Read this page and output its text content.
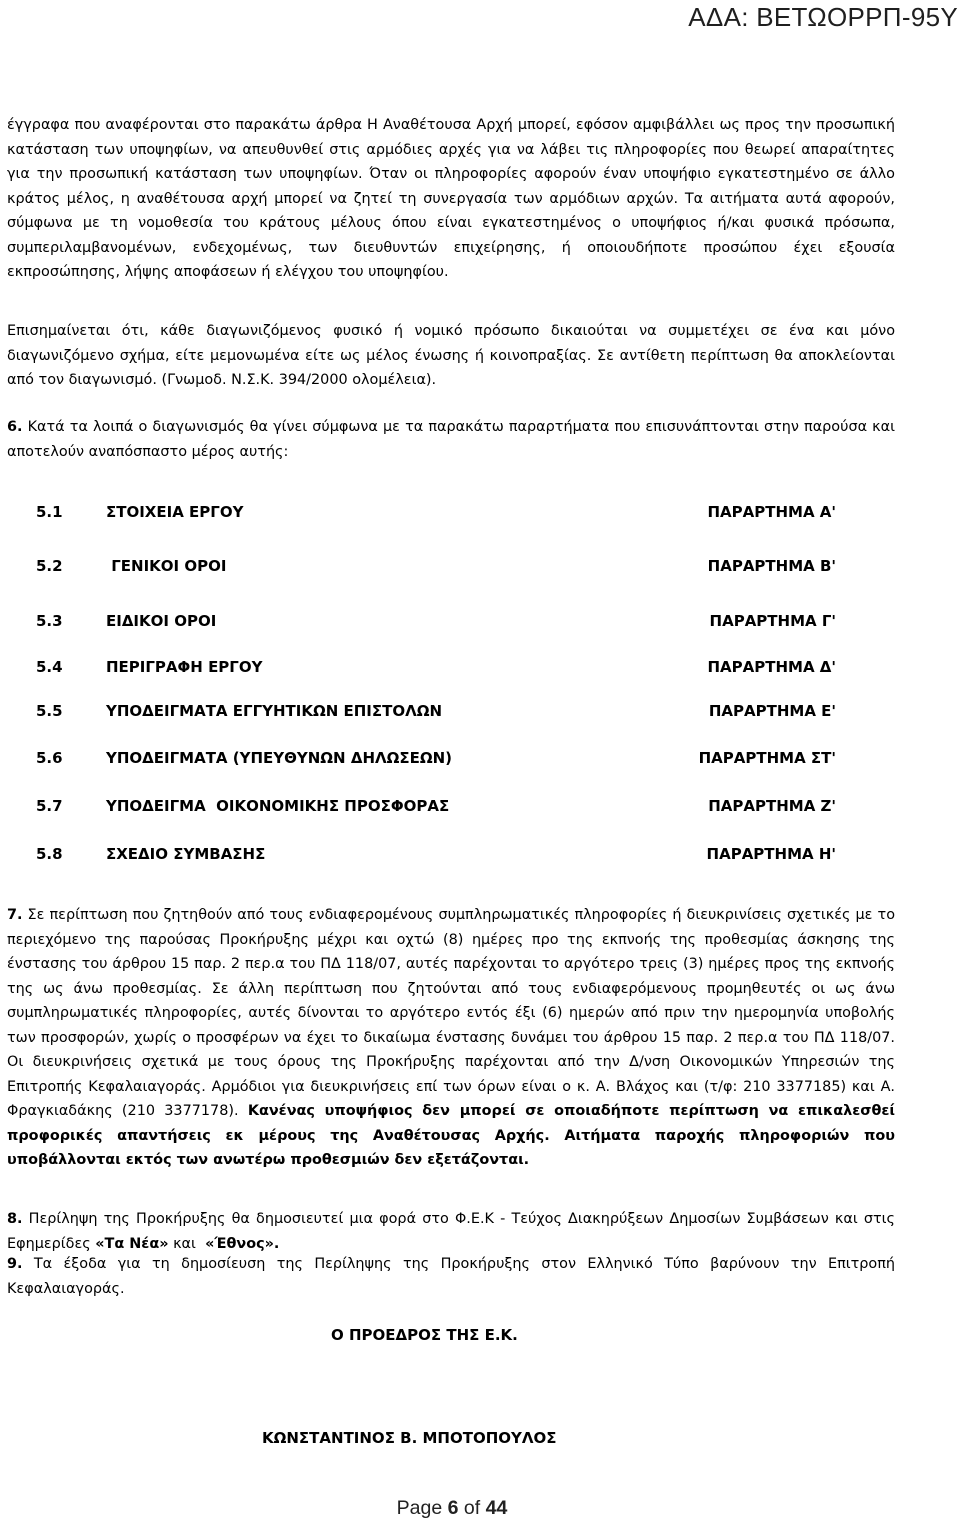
ΑΔΑ: ΒΕΤΩΟΡΡΠ-95Υ
έγγραφα που αναφέρονται στο παρακάτω άρθρα Η Αναθέτουσα Αρχή μπορεί, εφόσον αμφιβάλλει ως προς την προσωπική κατάσταση των υποψηφίων, να απευθυνθεί στις αρμόδιες αρχές για να λάβει τις πληροφορίες που θεωρεί απαραίτητες για την προσωπική κατάσταση των υποψηφίων. Όταν οι πληροφορίες αφορούν έναν υποψήφιο εγκατεστημένο σε άλλο κράτος μέλος, η αναθέτουσα αρχή μπορεί να ζητεί τη συνεργασία των αρμόδιων αρχών. Τα αιτήματα αυτά αφορούν, σύμφωνα με τη νομοθεσία του κράτους μέλους όπου είναι εγκατεστημένος ο υποψήφιος ή/και φυσικά πρόσωπα, συμπεριλαμβανομένων, ενδεχομένως, των διευθυντών επιχείρησης, ή οποιουδήποτε προσώπου έχει εξουσία εκπροσώπησης, λήψης αποφάσεων ή ελέγχου του υποψηφίου.
Επισημαίνεται ότι, κάθε διαγωνιζόμενος φυσικό ή νομικό πρόσωπο δικαιούται να συμμετέχει σε ένα και μόνο διαγωνιζόμενο σχήμα, είτε μεμονωμένα είτε ως μέλος ένωσης ή κοινοπραξίας. Σε αντίθετη περίπτωση θα αποκλείονται από τον διαγωνισμό. (Γνωμοδ. Ν.Σ.Κ. 394/2000 ολομέλεια).
6. Κατά τα λοιπά ο διαγωνισμός θα γίνει σύμφωνα με τα παρακάτω παραρτήματα που επισυνάπτονται στην παρούσα και αποτελούν αναπόσπαστο μέρος αυτής:
5.1	ΣΤΟΙΧΕΙΑ ΕΡΓΟΥ	ΠΑΡΑΡΤΗΜΑ Α'
5.2	ΓΕΝΙΚΟΙ ΟΡΟΙ	ΠΑΡΑΡΤΗΜΑ Β'
5.3	ΕΙΔΙΚΟΙ ΟΡΟΙ	ΠΑΡΑΡΤΗΜΑ Γ'
5.4	ΠΕΡΙΓΡΑΦΗ ΕΡΓΟΥ	ΠΑΡΑΡΤΗΜΑ Δ'
5.5	ΥΠΟΔΕΙΓΜΑΤΑ ΕΓΓΥΗΤΙΚΩΝ ΕΠΙΣΤΟΛΩΝ	ΠΑΡΑΡΤΗΜΑ Ε'
5.6	ΥΠΟΔΕΙΓΜΑΤΑ (ΥΠΕΥΘΥΝΩΝ ΔΗΛΩΣΕΩΝ)	ΠΑΡΑΡΤΗΜΑ ΣΤ'
5.7	ΥΠΟΔΕΙΓΜΑ  ΟΙΚΟΝΟΜΙΚΗΣ ΠΡΟΣΦΟΡΑΣ	ΠΑΡΑΡΤΗΜΑ Ζ'
5.8	ΣΧΕΔΙΟ ΣΥΜΒΑΣΗΣ	ΠΑΡΑΡΤΗΜΑ Η'
7. Σε περίπτωση που ζητηθούν από τους ενδιαφερομένους συμπληρωματικές πληροφορίες ή διευκρινίσεις σχετικές με το περιεχόμενο της παρούσας Προκήρυξης μέχρι και οχτώ (8) ημέρες προ της εκπνοής της προθεσμίας άσκησης της ένστασης του άρθρου 15 παρ. 2 περ.α του ΠΔ 118/07, αυτές παρέχονται το αργότερο τρεις (3) ημέρες προς της εκπνοής της ως άνω προθεσμίας. Σε άλλη περίπτωση που ζητούνται από τους ενδιαφερόμενους προμηθευτές οι ως άνω συμπληρωματικές πληροφορίες, αυτές δίνονται το αργότερο εντός έξι (6) ημερών από πριν την ημερομηνία υποβολής των προσφορών, χωρίς ο προσφέρων να έχει το δικαίωμα ένστασης δυνάμει του άρθρου 15 παρ. 2 περ.α του ΠΔ 118/07. Οι διευκρινήσεις σχετικά με τους όρους της Προκήρυξης παρέχονται από την Δ/νση Οικονομικών Υπηρεσιών της Επιτροπής Κεφαλαιαγοράς. Αρμόδιοι για διευκρινήσεις επί των όρων είναι ο κ. Α. Βλάχος και (τ/φ: 210 3377185) και Α. Φραγκιαδάκης (210 3377178). Κανένας υποψήφιος δεν μπορεί σε οποιαδήποτε περίπτωση να επικαλεσθεί προφορικές απαντήσεις εκ μέρους της Αναθέτουσας Αρχής. Αιτήματα παροχής πληροφοριών που υποβάλλονται εκτός των ανωτέρω προθεσμιών δεν εξετάζονται.
8. Περίληψη της Προκήρυξης θα δημοσιευτεί μια φορά στο Φ.Ε.Κ - Τεύχος Διακηρύξεων Δημοσίων Συμβάσεων και στις Εφημερίδες «Τα Νέα» και  «Έθνος».
9. Τα έξοδα για τη δημοσίευση της Περίληψης της Προκήρυξης στον Ελληνικό Τύπο βαρύνουν την Επιτροπή Κεφαλαιαγοράς.
Ο ΠΡΟΕΔΡΟΣ ΤΗΣ Ε.Κ.
ΚΩΝΣΤΑΝΤΙΝΟΣ Β. ΜΠΟΤΟΠΟΥΛΟΣ
Page 6 of 44
